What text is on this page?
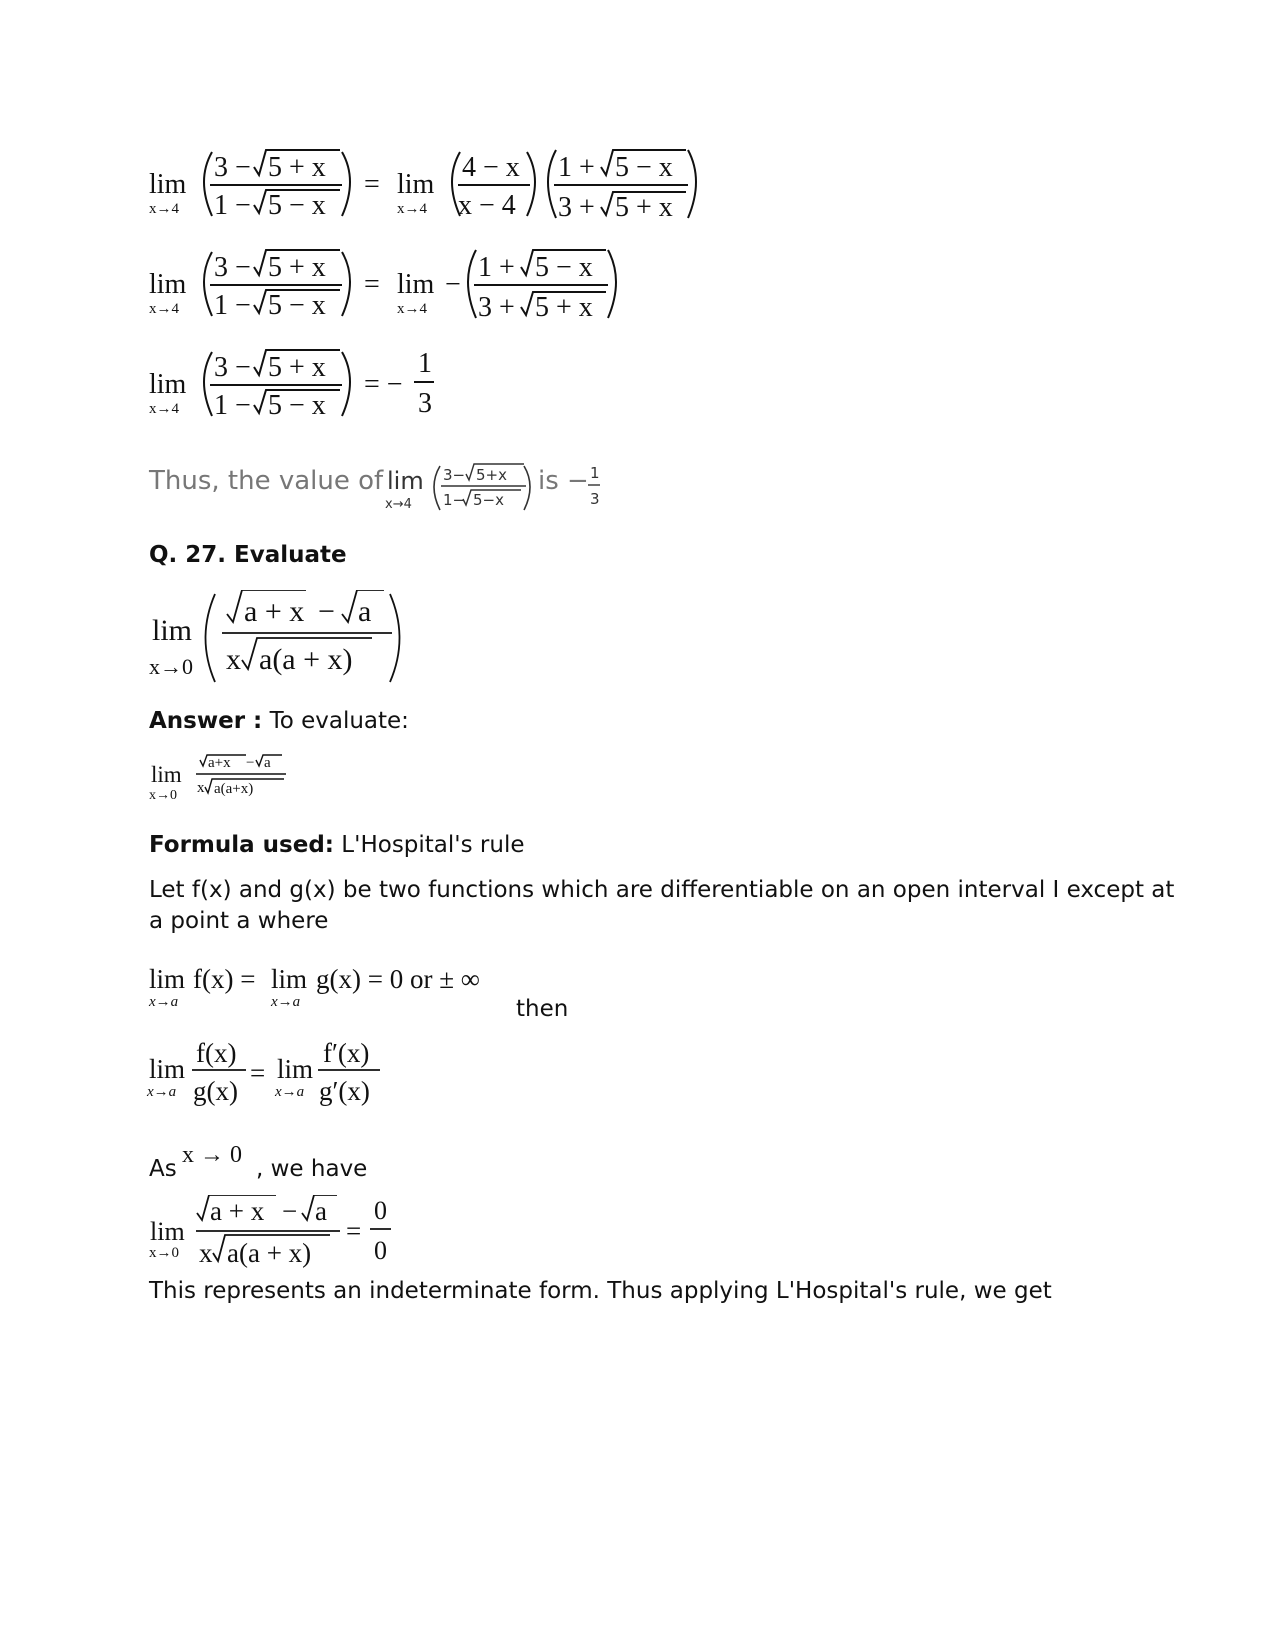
lim
x→4
3 − 5 + x
1 − 5 − x
= lim
x→4
4 − x
x − 4
1 + 5 − x
3 + 5 + x
lim
x→4
3 − 5 + x
1 − 5 − x
= lim
x→4
−
1 + 5 − x
3 + 5 + x
lim
x→4
3 − 5 + x
1 − 5 − x
= −
1
3
Thus, the value of lim
x→4
3− 5+x
1− 5−x
is − 1
3
Q. 27. Evaluate
lim
x→0
a + x − a
x a(a + x)
Answer : To evaluate:
lim
x→0
a+x − a
x a(a+x)
Formula used: L'Hospital's rule
Let f(x) and g(x) be two functions which are differentiable on an open interval I except at
a point a where
lim
x→a
f(x) = lim
x→a
g(x) = 0 or ± ∞
then
lim
x→a
f(x)
g(x)
= lim
x→a
f′(x)
g′(x)
As
x → 0
, we have
lim
x→0
a + x − a
x a(a + x)
=
0
0
This represents an indeterminate form. Thus applying L'Hospital's rule, we get
